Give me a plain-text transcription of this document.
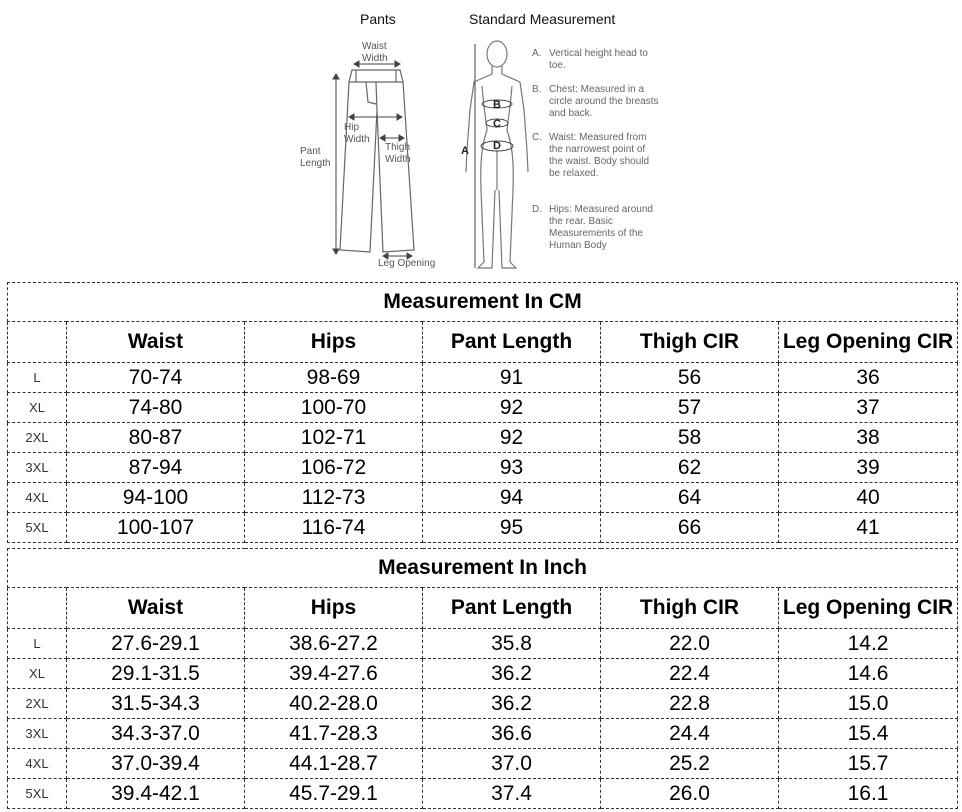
Pants	Standard Measurement
Waist
Width
Hip
Width
Pant
Length
Thigh
Width
Leg Opening
A
B
C
D
A. Vertical height head to toe.
B. Chest: Measured in a circle around the breasts and back.
C. Waist: Measured from the narrowest point of the waist. Body should be relaxed.
D. Hips: Measured around the rear. Basic Measurements of the Human Body
Measurement In CM					
	Waist	Hips	Pant Length	Thigh CIR	Leg Opening CIR
L	70-74	98-69	91	56	36
XL	74-80	100-70	92	57	37
2XL	80-87	102-71	92	58	38
3XL	87-94	106-72	93	62	39
4XL	94-100	112-73	94	64	40
5XL	100-107	116-74	95	66	41
Measurement In Inch					
	Waist	Hips	Pant Length	Thigh CIR	Leg Opening CIR
L	27.6-29.1	38.6-27.2	35.8	22.0	14.2
XL	29.1-31.5	39.4-27.6	36.2	22.4	14.6
2XL	31.5-34.3	40.2-28.0	36.2	22.8	15.0
3XL	34.3-37.0	41.7-28.3	36.6	24.4	15.4
4XL	37.0-39.4	44.1-28.7	37.0	25.2	15.7
5XL	39.4-42.1	45.7-29.1	37.4	26.0	16.1
